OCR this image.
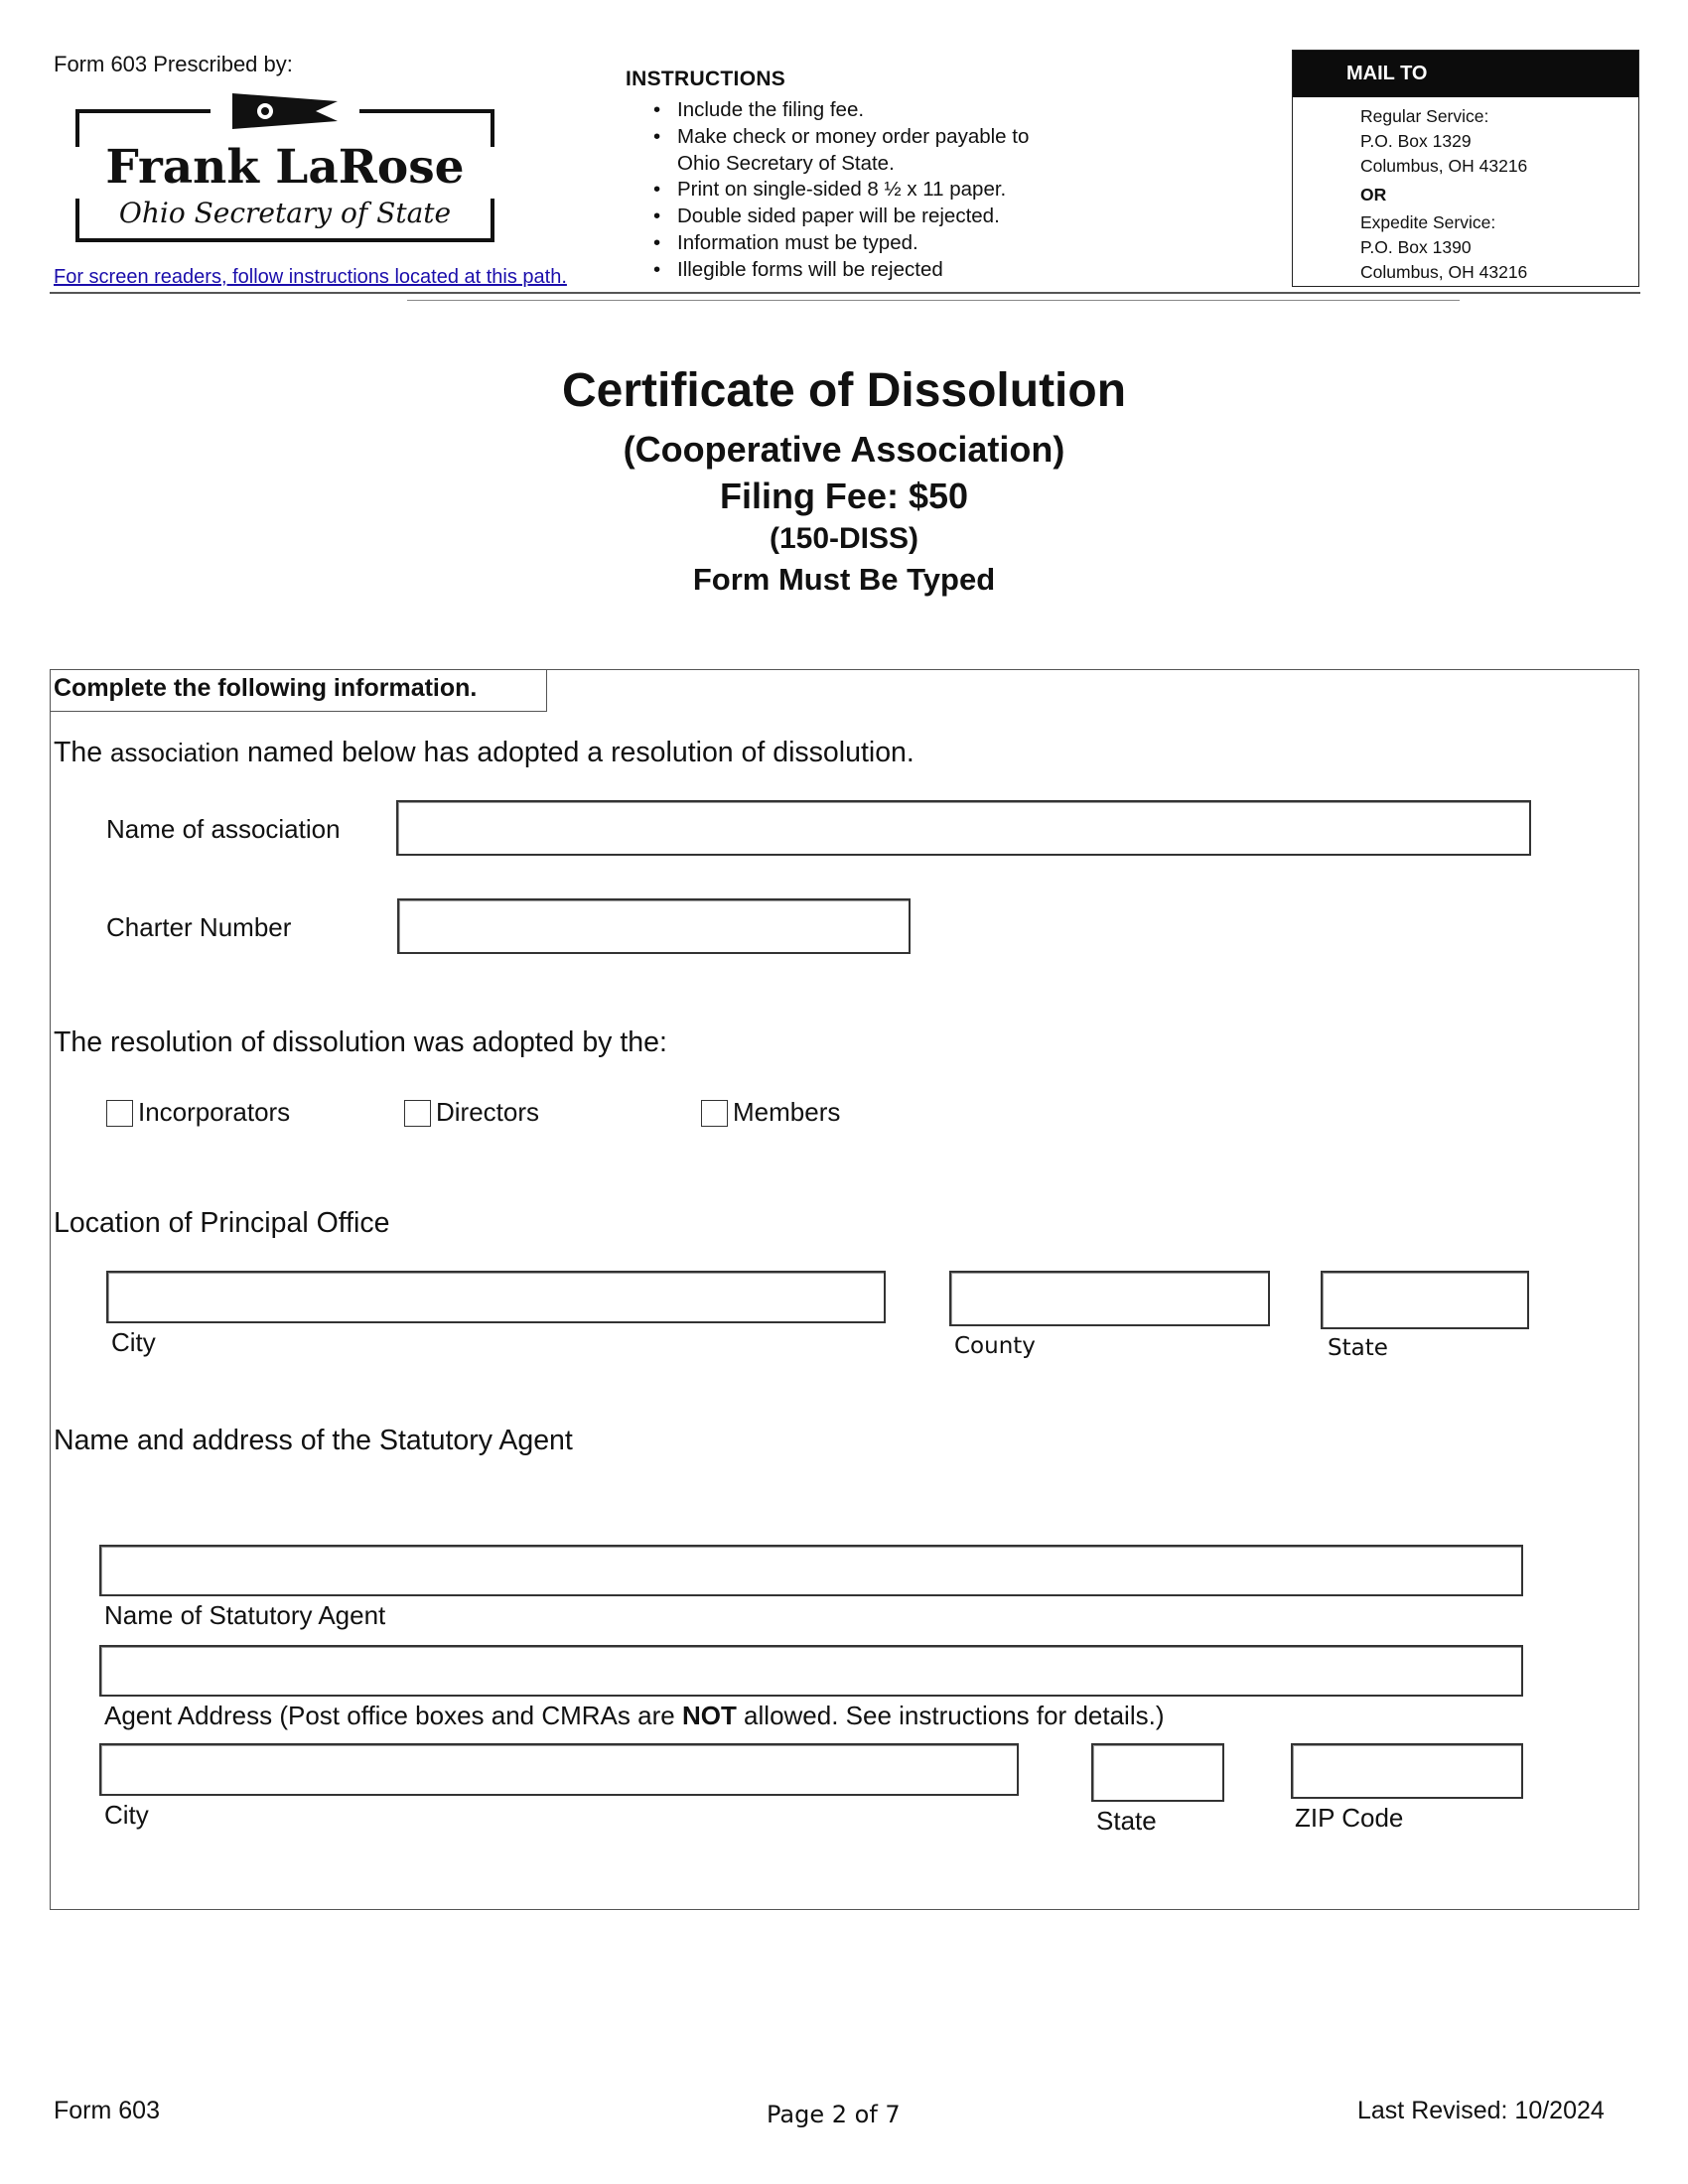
Form 603 Prescribed by:
Frank LaRose
Ohio Secretary of State
For screen readers, follow instructions located at this path.
INSTRUCTIONS
• Include the filing fee.
• Make check or money order payable to
Ohio Secretary of State.
• Print on single-sided 8 ½ x 11 paper.
• Double sided paper will be rejected.
• Information must be typed.
• Illegible forms will be rejected
MAIL TO
Regular Service:
P.O. Box 1329
Columbus, OH 43216
OR
Expedite Service:
P.O. Box 1390
Columbus, OH 43216
Certificate of Dissolution
(Cooperative Association)
Filing Fee: $50
(150-DISS)
Form Must Be Typed
Complete the following information.
The association named below has adopted a resolution of dissolution.
Name of association
Charter Number
The resolution of dissolution was adopted by the:
Incorporators	Directors	Members
Location of Principal Office
City	County	State
Name and address of the Statutory Agent
Name of Statutory Agent
Agent Address (Post office boxes and CMRAs are NOT allowed. See instructions for details.)
City	State	ZIP Code
Form 603	Page 2 of 7	Last Revised: 10/2024
